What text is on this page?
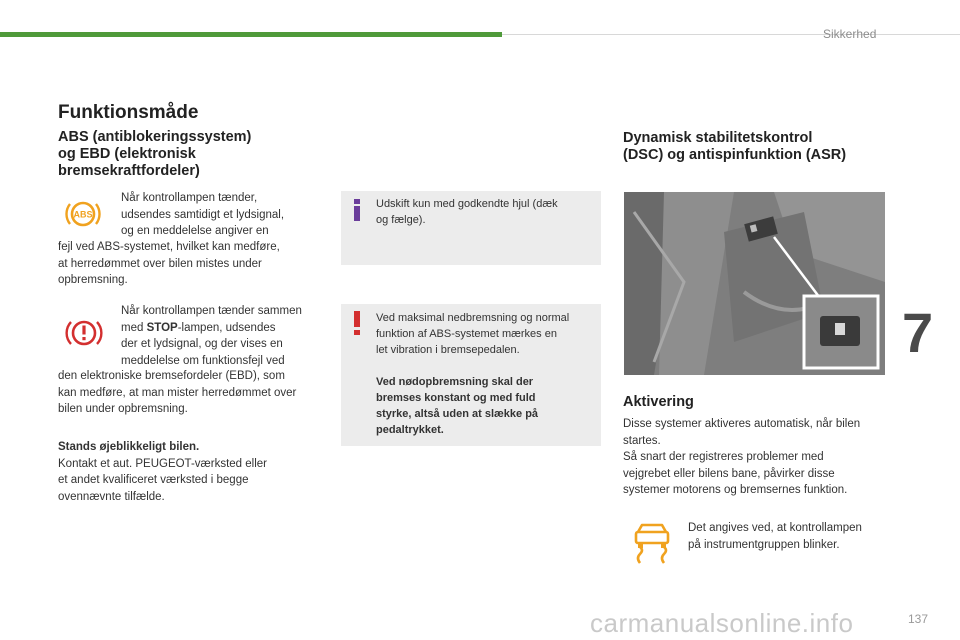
Sikkerhed
7
Funktionsmåde
ABS (antiblokeringssystem)
og EBD (elektronisk
bremsekraftfordeler)
ABS
Når kontrollampen tænder,
udsendes samtidigt et lydsignal,
og en meddelelse angiver en
fejl ved ABS-systemet, hvilket kan medføre,
at herredømmet over bilen mistes under
opbremsning.
Når kontrollampen tænder sammen
med STOP-lampen, udsendes
der et lydsignal, og der vises en
meddelelse om funktionsfejl ved
den elektroniske bremsefordeler (EBD), som
kan medføre, at man mister herredømmet over
bilen under opbremsning.
Stands øjeblikkeligt bilen.
Kontakt et aut. PEUGEOT-værksted eller
et andet kvalificeret værksted i begge
ovennævnte tilfælde.
Udskift kun med godkendte hjul (dæk
og fælge).
Ved maksimal nedbremsning og normal
funktion af ABS-systemet mærkes en
let vibration i bremsepedalen.
Ved nødopbremsning skal der
bremses konstant og med fuld
styrke, altså uden at slække på
pedaltrykket.
Dynamisk stabilitetskontrol
(DSC) og antispinfunktion (ASR)
Aktivering
Disse systemer aktiveres automatisk, når bilen
startes.
Så snart der registreres problemer med
vejgrebet eller bilens bane, påvirker disse
systemer motorens og bremsernes funktion.
Det angives ved, at kontrollampen
på instrumentgruppen blinker.
carmanualsonline.info	137
